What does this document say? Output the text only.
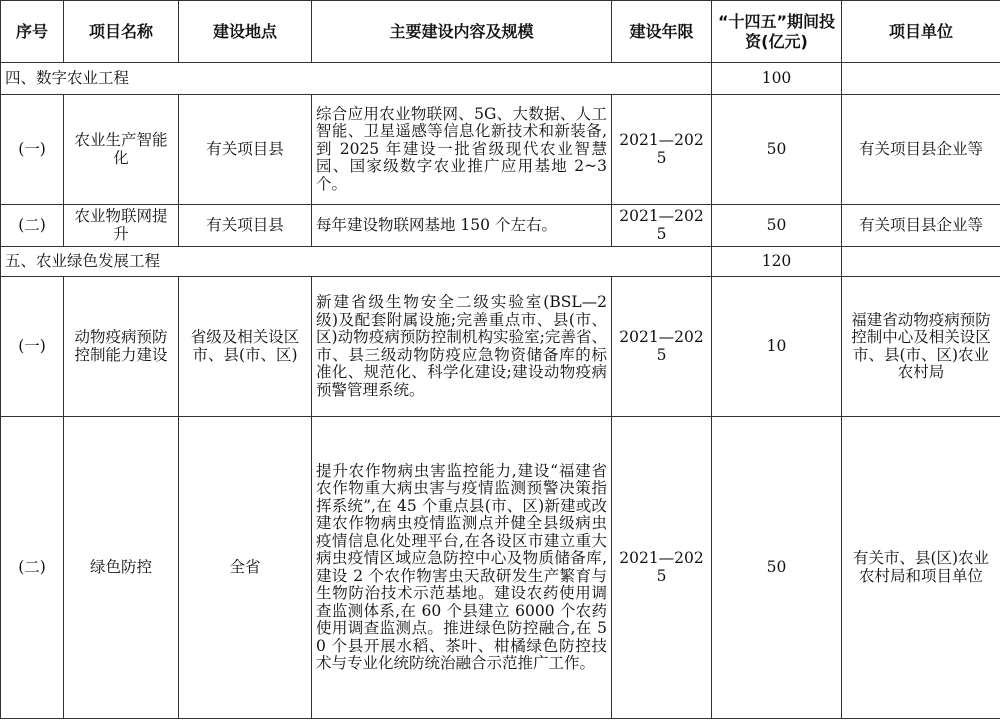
序号	项目名称	建设地点	主要建设内容及规模	建设年限	“十四五”期间投资(亿元)	项目单位
四、数字农业工程					100	
(一)	农业生产智能化	有关项目县	综合应用农业物联网、5G、大数据、人工智能、卫星遥感等信息化新技术和新装备,到 2025 年建设一批省级现代农业智慧园、国家级数字农业推广应用基地 2~3 个。	2021—2025	50	有关项目县企业等
(二)	农业物联网提升	有关项目县	每年建设物联网基地 150 个左右。	2021—2025	50	有关项目县企业等
五、农业绿色发展工程					120	
(一)	动物疫病预防控制能力建设	省级及相关设区市、县(市、区)	新建省级生物安全二级实验室(BSL—2 级)及配套附属设施;完善重点市、县(市、区)动物疫病预防控制机构实验室;完善省、市、县三级动物防疫应急物资储备库的标准化、规范化、科学化建设;建设动物疫病预警管理系统。	2021—2025	10	福建省动物疫病预防控制中心及相关设区市、县(市、区)农业农村局
(二)	绿色防控	全省	提升农作物病虫害监控能力,建设“福建省农作物重大病虫害与疫情监测预警决策指挥系统”,在 45 个重点县(市、区)新建或改建农作物病虫疫情监测点并健全县级病虫疫情信息化处理平台,在各设区市建立重大病虫疫情区域应急防控中心及物质储备库,建设 2 个农作物害虫天敌研发生产繁育与生物防治技术示范基地。建设农药使用调查监测体系,在 60 个县建立 6000 个农药使用调查监测点。推进绿色防控融合,在 50 个县开展水稻、茶叶、柑橘绿色防控技术与专业化统防统治融合示范推广工作。	2021—2025	50	有关市、县(区)农业农村局和项目单位
